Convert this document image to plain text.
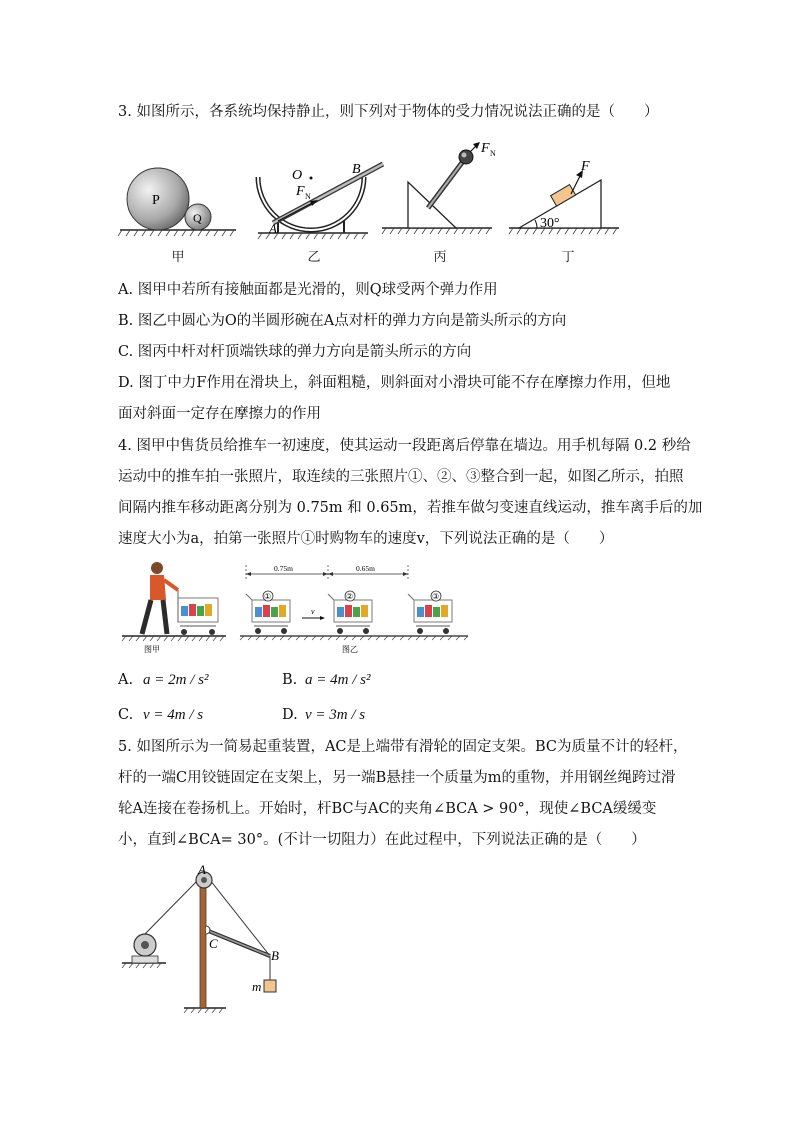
3. 如图所示，各系统均保持静止，则下列对于物体的受力情况说法正确的是（　　）
P
Q
甲
O	B
F N
A
乙
F N
丙
F
30°
丁
A. 图甲中若所有接触面都是光滑的，则Q球受两个弹力作用
B. 图乙中圆心为O的半圆形碗在A点对杆的弹力方向是箭头所示的方向
C. 图丙中杆对杆顶端铁球的弹力方向是箭头所示的方向
D. 图丁中力F作用在滑块上，斜面粗糙，则斜面对小滑块可能不存在摩擦力作用，但地
面对斜面一定存在摩擦力的作用
4. 图甲中售货员给推车一初速度，使其运动一段距离后停靠在墙边。用手机每隔 0.2 秒给
运动中的推车拍一张照片，取连续的三张照片①、②、③整合到一起，如图乙所示，拍照
间隔内推车移动距离分别为 0.75m 和 0.65m，若推车做匀变速直线运动，推车离手后的加
速度大小为a，拍第一张照片①时购物车的速度v，下列说法正确的是（　　）
图甲
0.75m	0.65m
①
v
②	③
图乙
A. a = 2m / s²	B. a = 4m / s²
C. v = 4m / s	D. v = 3m / s
5. 如图所示为一简易起重装置，AC是上端带有滑轮的固定支架。BC为质量不计的轻杆，
杆的一端C用铰链固定在支架上，另一端B悬挂一个质量为m的重物，并用钢丝绳跨过滑
轮A连接在卷扬机上。开始时，杆BC与AC的夹角∠BCA > 90°，现使∠BCA缓缓变
小，直到∠BCA= 30°。(不计一切阻力）在此过程中，下列说法正确的是（　　）
A
C
B
m
